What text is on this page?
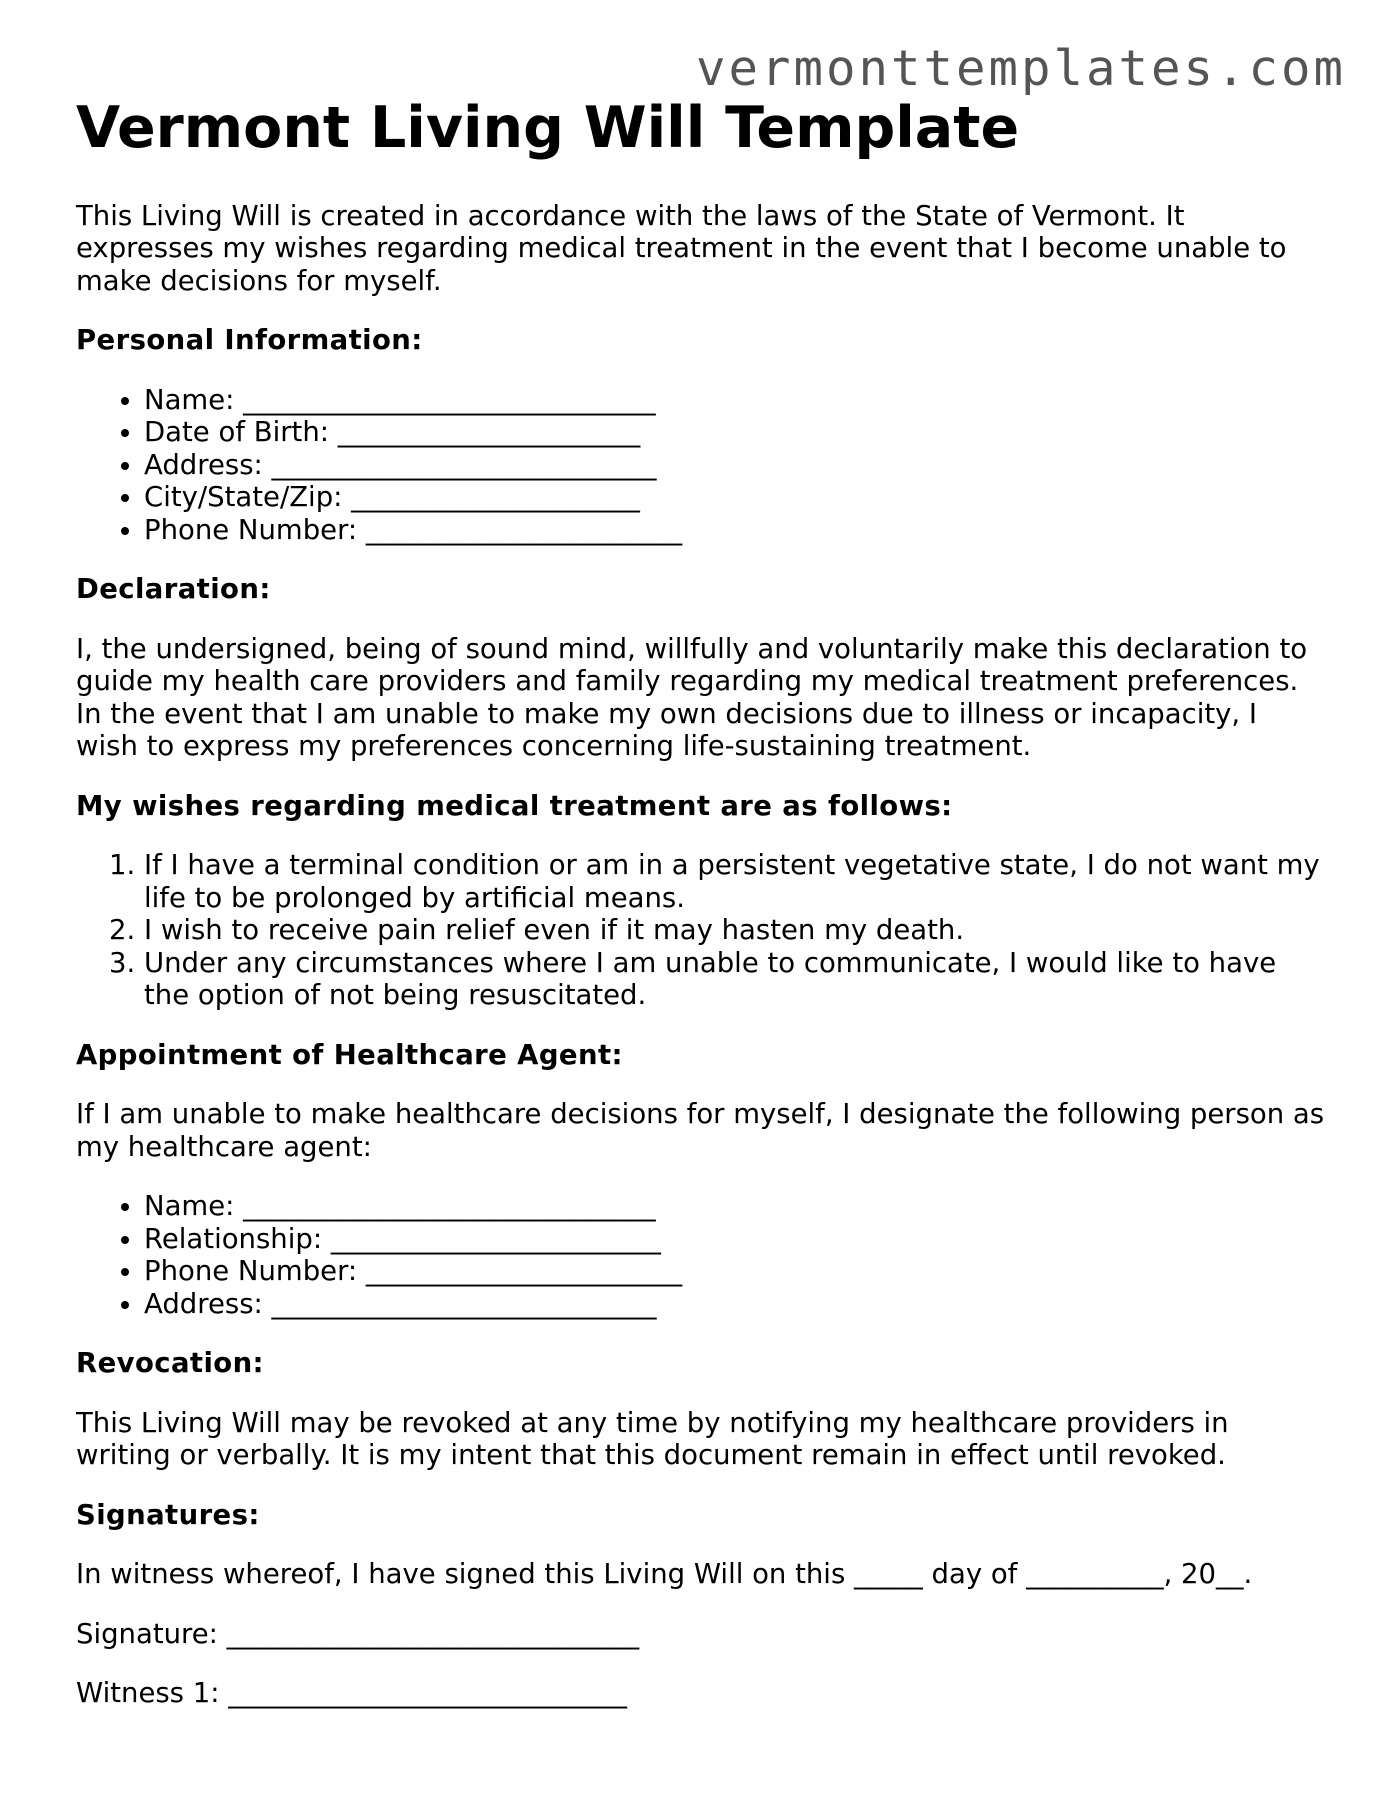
vermonttemplates.com
Vermont Living Will Template

This Living Will is created in accordance with the laws of the State of Vermont. It expresses my wishes regarding medical treatment in the event that I become unable to make decisions for myself.

Personal Information:
• Name: ______________________________
• Date of Birth: ______________________
• Address: ____________________________
• City/State/Zip: _____________________
• Phone Number: _______________________
Declaration:

I, the undersigned, being of sound mind, willfully and voluntarily make this declaration to guide my health care providers and family regarding my medical treatment preferences. In the event that I am unable to make my own decisions due to illness or incapacity, I wish to express my preferences concerning life-sustaining treatment.

My wishes regarding medical treatment are as follows:
1. If I have a terminal condition or am in a persistent vegetative state, I do not want my life to be prolonged by artificial means.
2. I wish to receive pain relief even if it may hasten my death.
3. Under any circumstances where I am unable to communicate, I would like to have the option of not being resuscitated.
Appointment of Healthcare Agent:

If I am unable to make healthcare decisions for myself, I designate the following person as my healthcare agent:

• Name: ______________________________
• Relationship: ________________________
• Phone Number: _______________________
• Address: ____________________________
Revocation:

This Living Will may be revoked at any time by notifying my healthcare providers in writing or verbally. It is my intent that this document remain in effect until revoked.

Signatures:

In witness whereof, I have signed this Living Will on this _____ day of __________, 20__.

Signature: ______________________________

Witness 1: _____________________________
